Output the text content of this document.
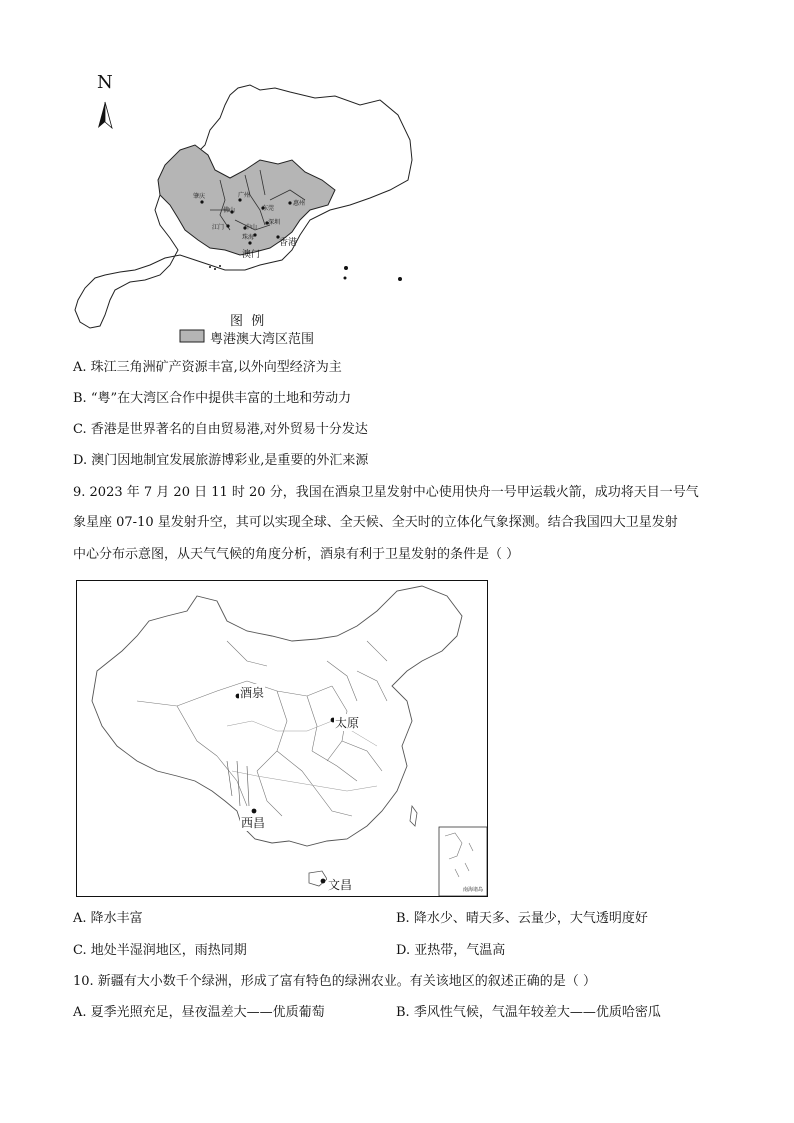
N
肇庆	广州
东莞
惠州
佛山
中山
深圳
江门
珠海
香港
澳门
图  例
粤港澳大湾区范围
A. 珠江三角洲矿产资源丰富,以外向型经济为主
B. “粤”在大湾区合作中提供丰富的土地和劳动力
C. 香港是世界著名的自由贸易港,对外贸易十分发达
D. 澳门因地制宜发展旅游博彩业,是重要的外汇来源
9. 2023 年 7 月 20 日 11 时 20 分，我国在酒泉卫星发射中心使用快舟一号甲运载火箭，成功将天目一号气
象星座 07-10 星发射升空，其可以实现全球、全天候、全天时的立体化气象探测。结合我国四大卫星发射
中心分布示意图，从天气气候的角度分析，酒泉有利于卫星发射的条件是（ ）
酒泉
太原
西昌
文昌	南海诸岛
A. 降水丰富	B. 降水少、晴天多、云量少，大气透明度好
C. 地处半湿润地区，雨热同期	D. 亚热带，气温高
10. 新疆有大小数千个绿洲，形成了富有特色的绿洲农业。有关该地区的叙述正确的是（ ）
A. 夏季光照充足，昼夜温差大——优质葡萄	B. 季风性气候，气温年较差大——优质哈密瓜
